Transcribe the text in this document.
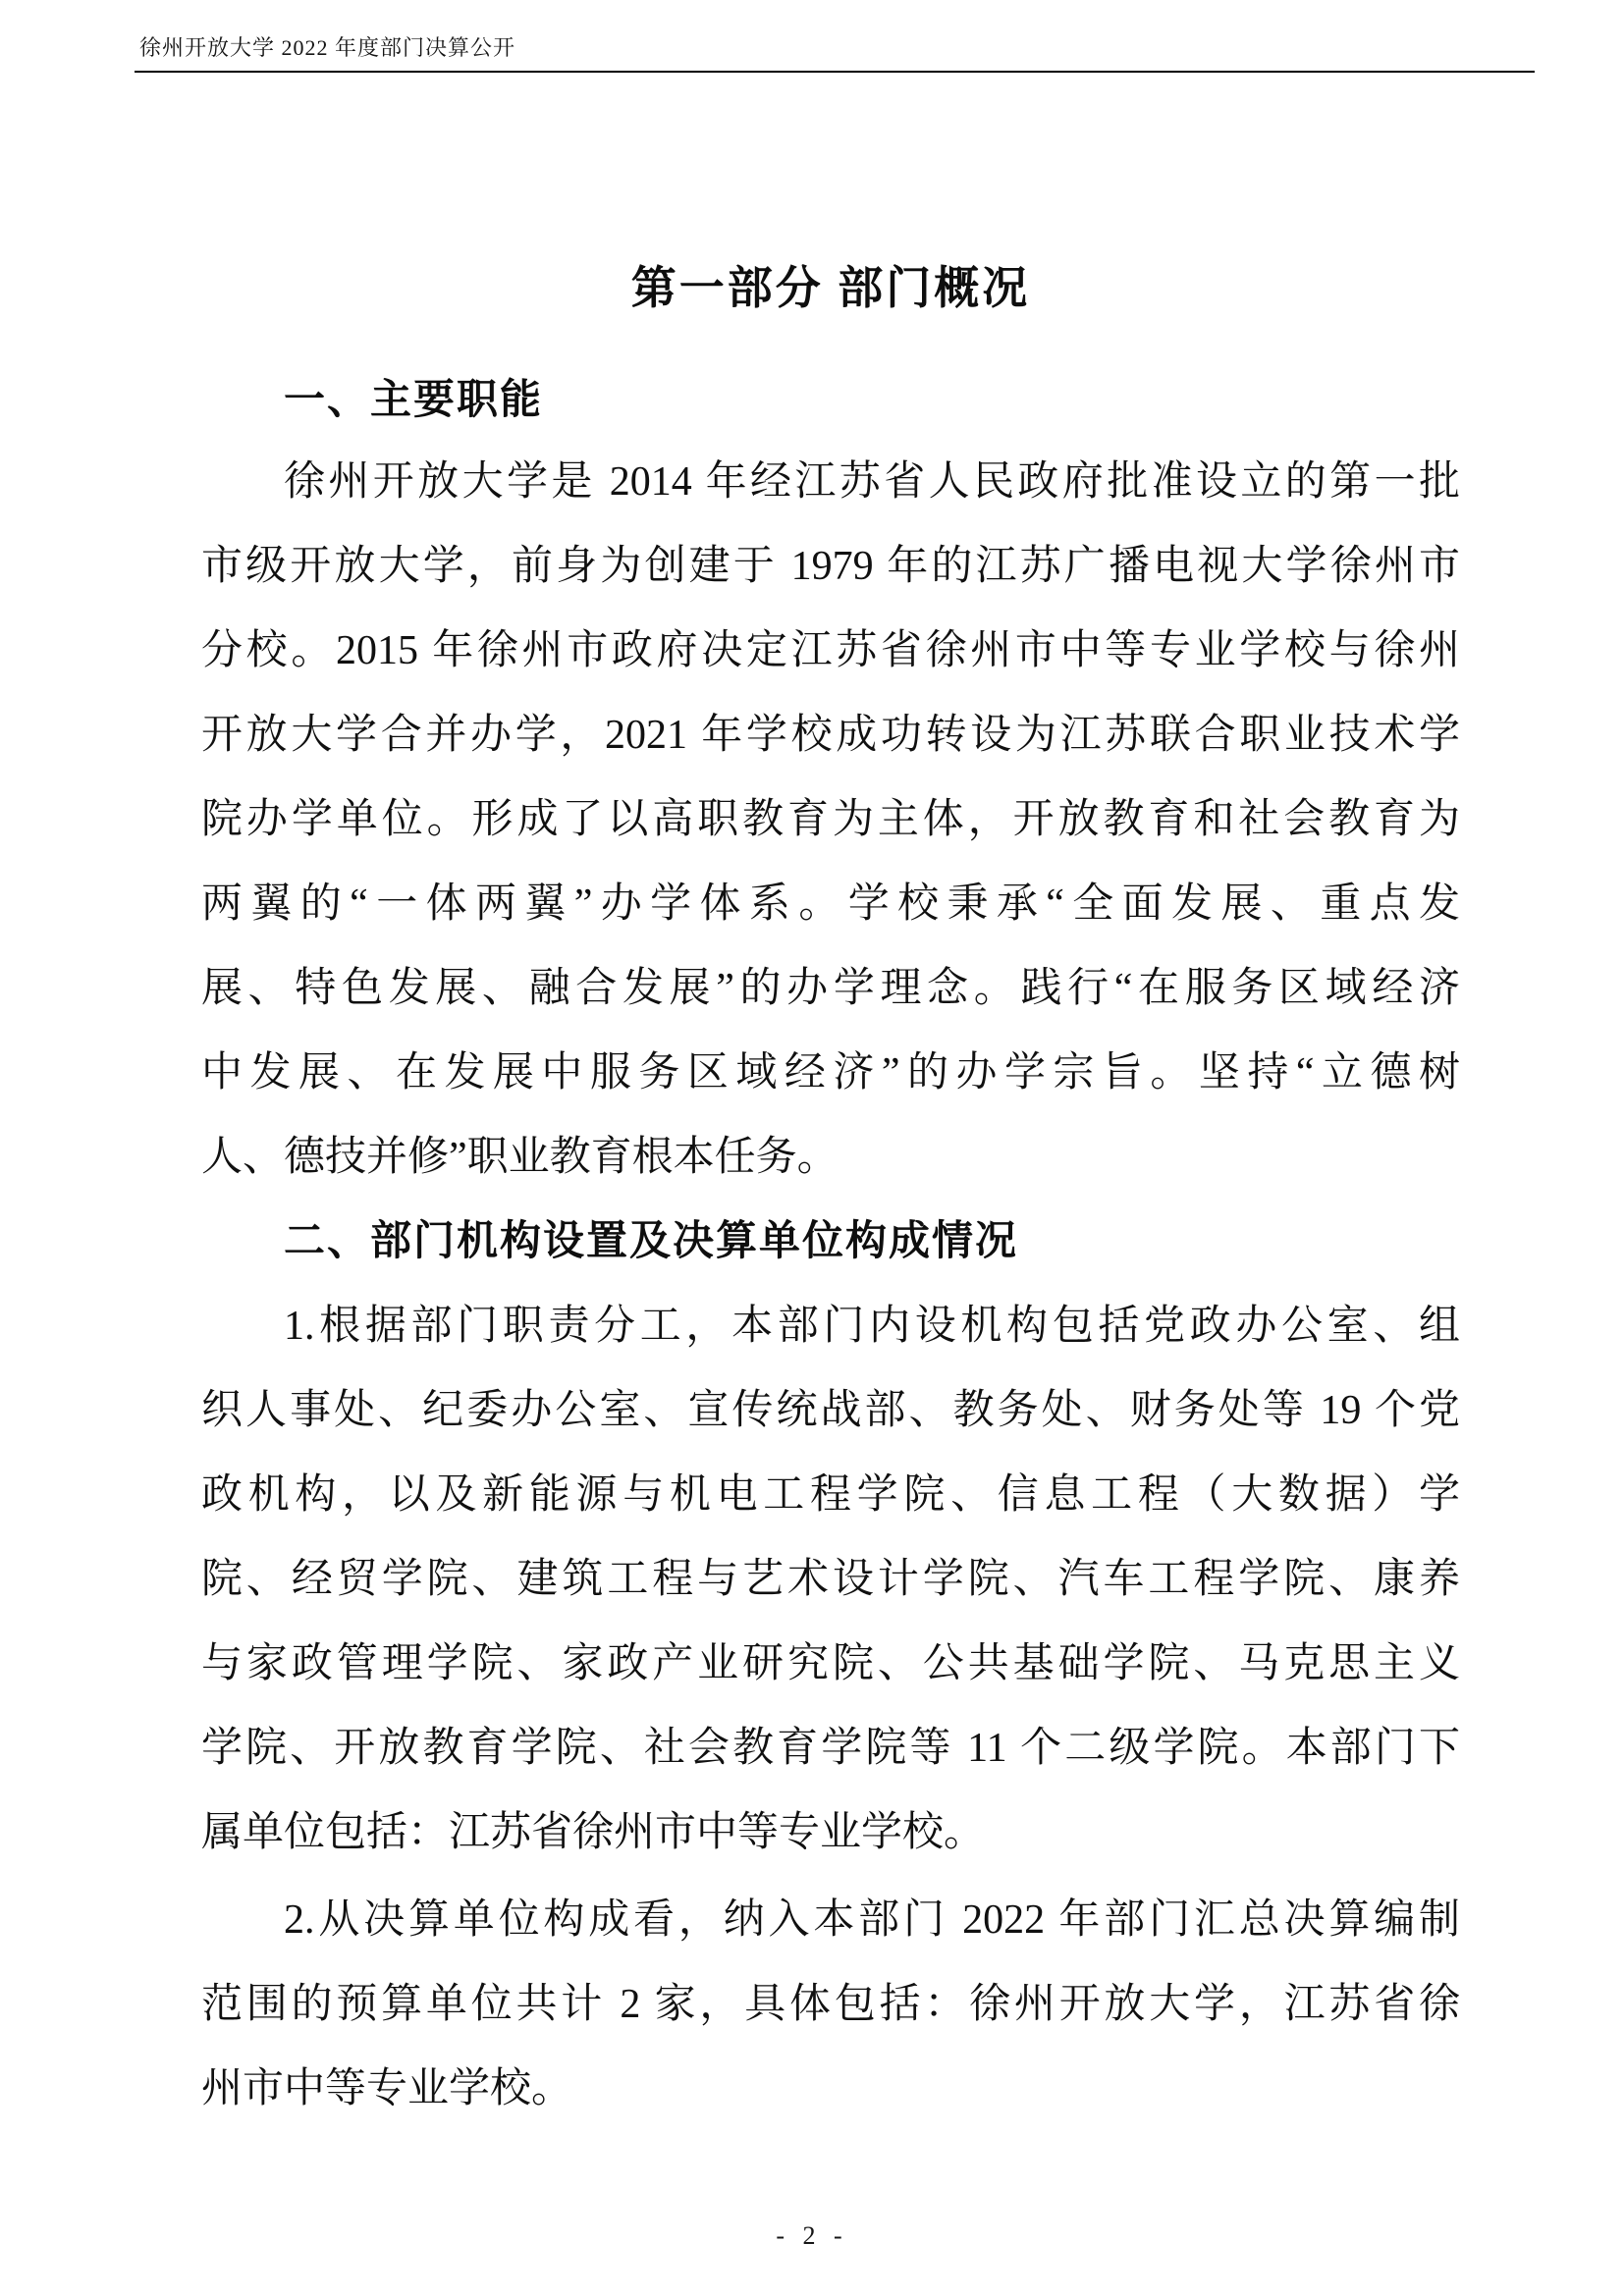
徐州开放大学 2022 年度部门决算公开
第一部分 部门概况
一、主要职能
徐州开放大学是 2014 年经江苏省人民政府批准设立的第一批
市级开放大学，前身为创建于 1979 年的江苏广播电视大学徐州市
分校。2015 年徐州市政府决定江苏省徐州市中等专业学校与徐州
开放大学合并办学，2021 年学校成功转设为江苏联合职业技术学
院办学单位。形成了以高职教育为主体，开放教育和社会教育为
两翼的“一体两翼”办学体系。学校秉承“全面发展、重点发
展、特色发展、融合发展”的办学理念。践行“在服务区域经济
中发展、在发展中服务区域经济”的办学宗旨。坚持“立德树
人、德技并修”职业教育根本任务。
二、部门机构设置及决算单位构成情况
1.根据部门职责分工，本部门内设机构包括党政办公室、组
织人事处、纪委办公室、宣传统战部、教务处、财务处等 19 个党
政机构，以及新能源与机电工程学院、信息工程（大数据）学
院、经贸学院、建筑工程与艺术设计学院、汽车工程学院、康养
与家政管理学院、家政产业研究院、公共基础学院、马克思主义
学院、开放教育学院、社会教育学院等 11 个二级学院。本部门下
属单位包括：江苏省徐州市中等专业学校。
2.从决算单位构成看，纳入本部门 2022 年部门汇总决算编制
范围的预算单位共计 2 家，具体包括：徐州开放大学，江苏省徐
州市中等专业学校。
- 2 -
